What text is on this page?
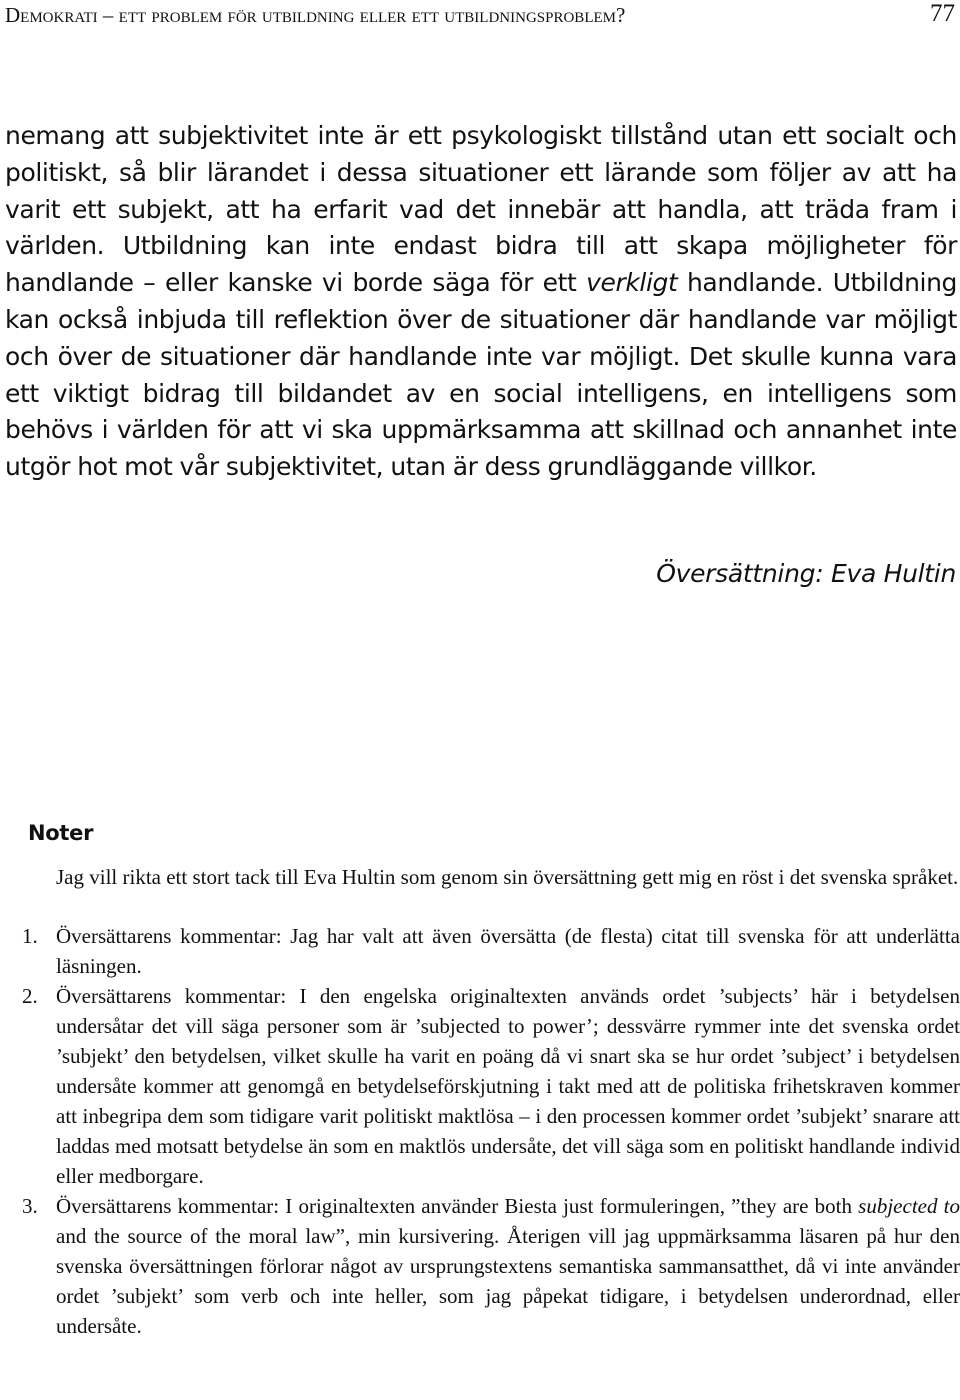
Demokrati – ett problem för utbildning eller ett utbildningsproblem?	77

nemang att subjektivitet inte är ett psykologiskt tillstånd utan ett socialt och politiskt, så blir lärandet i dessa situationer ett lärande som följer av att ha varit ett subjekt, att ha erfarit vad det innebär att handla, att träda fram i världen. Utbildning kan inte endast bidra till att skapa möjligheter för handlande – eller kanske vi borde säga för ett verkligt handlande. Utbildning kan också inbjuda till reflektion över de situationer där handlande var möjligt och över de situationer där handlande inte var möjligt. Det skulle kunna vara ett viktigt bidrag till bildandet av en social intelligens, en intelligens som behövs i världen för att vi ska uppmärksamma att skillnad och annanhet inte utgör hot mot vår subjektivitet, utan är dess grundläggande villkor.

Översättning: Eva Hultin
Noter

Jag vill rikta ett stort tack till Eva Hultin som genom sin översättning gett mig en röst i det svenska språket.

1. Översättarens kommentar: Jag har valt att även översätta (de flesta) citat till svenska för att underlätta läsningen.
2. Översättarens kommentar: I den engelska originaltexten används ordet ’subjects’ här i betydelsen undersåtar det vill säga personer som är ’subjected to power’; dessvärre rymmer inte det svenska ordet ’subjekt’ den betydelsen, vilket skulle ha varit en poäng då vi snart ska se hur ordet ’subject’ i betydelsen undersåte kommer att genomgå en betydelseförskjutning i takt med att de politiska frihetskraven kommer att inbegripa dem som tidigare varit politiskt maktlösa – i den processen kommer ordet ’subjekt’ snarare att laddas med motsatt betydelse än som en maktlös undersåte, det vill säga som en politiskt handlande individ eller medborgare.
3. Översättarens kommentar: I originaltexten använder Biesta just formuleringen, ”they are both subjected to and the source of the moral law”, min kursivering. Återigen vill jag uppmärksamma läsaren på hur den svenska översättningen förlorar något av ursprungstextens semantiska sammansatthet, då vi inte använder ordet ’subjekt’ som verb och inte heller, som jag påpekat tidigare, i betydelsen underordnad, eller undersåte.
